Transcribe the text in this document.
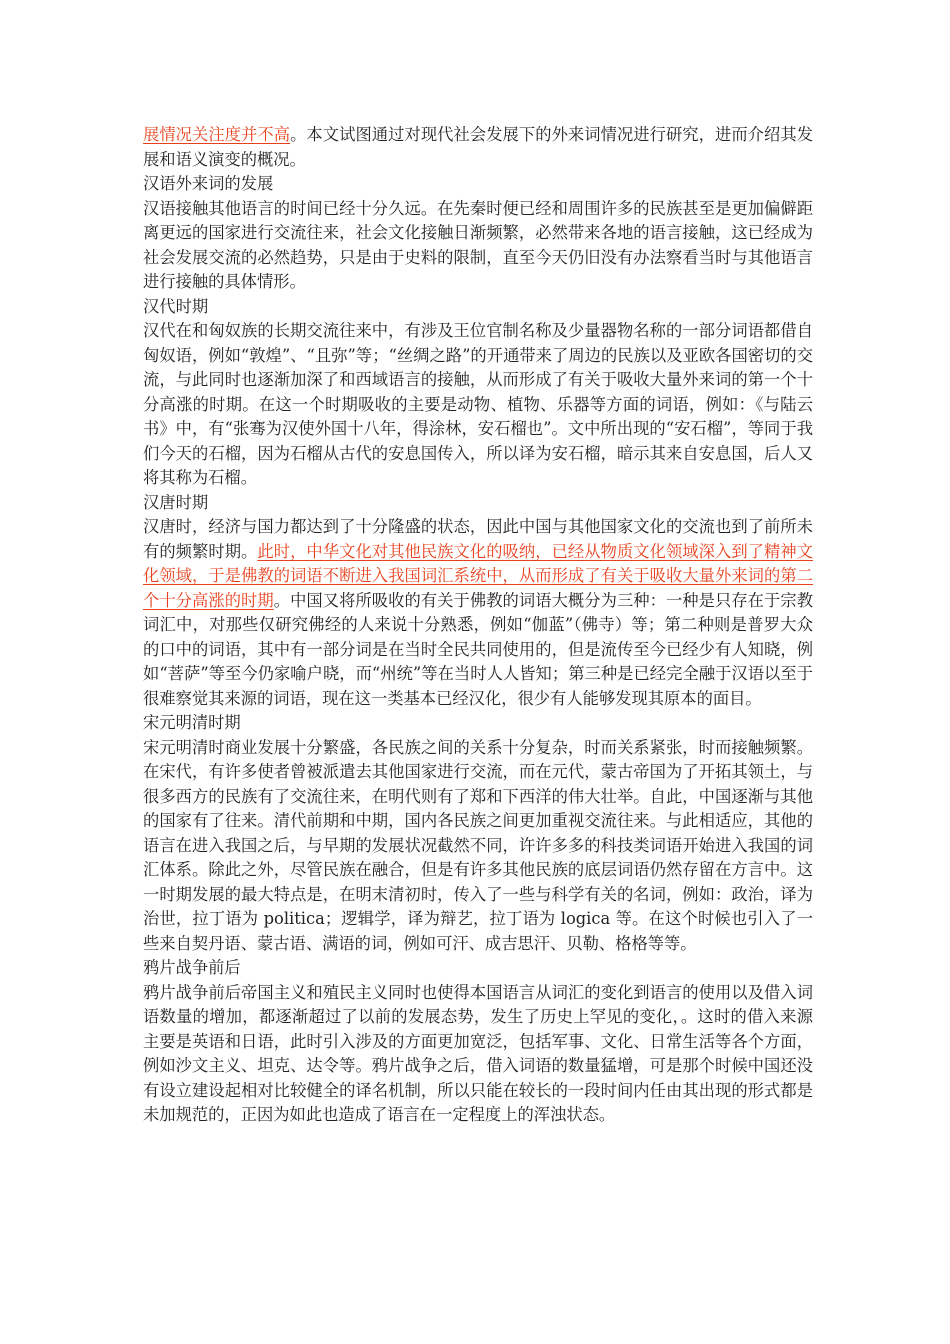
展情况关注度并不高。本文试图通过对现代社会发展下的外来词情况进行研究，进而介绍其发展和语义演变的概况。

汉语外来词的发展

汉语接触其他语言的时间已经十分久远。在先秦时便已经和周围许多的民族甚至是更加偏僻距离更远的国家进行交流往来，社会文化接触日渐频繁，必然带来各地的语言接触，这已经成为社会发展交流的必然趋势，只是由于史料的限制，直至今天仍旧没有办法察看当时与其他语言进行接触的具体情形。

汉代时期

汉代在和匈奴族的长期交流往来中，有涉及王位官制名称及少量器物名称的一部分词语都借自匈奴语，例如“敦煌”、“且弥”等；“丝绸之路”的开通带来了周边的民族以及亚欧各国密切的交流，与此同时也逐渐加深了和西域语言的接触，从而形成了有关于吸收大量外来词的第一个十分高涨的时期。在这一个时期吸收的主要是动物、植物、乐器等方面的词语，例如：《与陆云书》中，有“张骞为汉使外国十八年，得涂林，安石榴也”。文中所出现的“安石榴”，等同于我们今天的石榴，因为石榴从古代的安息国传入，所以译为安石榴，暗示其来自安息国，后人又将其称为石榴。

汉唐时期

汉唐时，经济与国力都达到了十分隆盛的状态，因此中国与其他国家文化的交流也到了前所未有的频繁时期。此时，中华文化对其他民族文化的吸纳，已经从物质文化领域深入到了精神文化领域，于是佛教的词语不断进入我国词汇系统中，从而形成了有关于吸收大量外来词的第二个十分高涨的时期。中国又将所吸收的有关于佛教的词语大概分为三种：一种是只存在于宗教词汇中，对那些仅研究佛经的人来说十分熟悉，例如“伽蓝”（佛寺）等；第二种则是普罗大众的口中的词语，其中有一部分词是在当时全民共同使用的，但是流传至今已经少有人知晓，例如“菩萨”等至今仍家喻户晓，而“州统”等在当时人人皆知；第三种是已经完全融于汉语以至于很难察觉其来源的词语，现在这一类基本已经汉化，很少有人能够发现其原本的面目。

宋元明清时期

宋元明清时商业发展十分繁盛，各民族之间的关系十分复杂，时而关系紧张，时而接触频繁。在宋代，有许多使者曾被派遣去其他国家进行交流，而在元代，蒙古帝国为了开拓其领土，与很多西方的民族有了交流往来，在明代则有了郑和下西洋的伟大壮举。自此，中国逐渐与其他的国家有了往来。清代前期和中期，国内各民族之间更加重视交流往来。与此相适应，其他的语言在进入我国之后，与早期的发展状况截然不同，许许多多的科技类词语开始进入我国的词汇体系。除此之外，尽管民族在融合，但是有许多其他民族的底层词语仍然存留在方言中。这一时期发展的最大特点是，在明末清初时，传入了一些与科学有关的名词，例如：政治，译为治世，拉丁语为 politica；逻辑学，译为辩艺，拉丁语为 logica 等。在这个时候也引入了一些来自契丹语、蒙古语、满语的词，例如可汗、成吉思汗、贝勒、格格等等。

鸦片战争前后

鸦片战争前后帝国主义和殖民主义同时也使得本国语言从词汇的变化到语言的使用以及借入词语数量的增加，都逐渐超过了以前的发展态势，发生了历史上罕见的变化，。这时的借入来源主要是英语和日语，此时引入涉及的方面更加宽泛，包括军事、文化、日常生活等各个方面，例如沙文主义、坦克、达令等。鸦片战争之后，借入词语的数量猛增，可是那个时候中国还没有设立建设起相对比较健全的译名机制，所以只能在较长的一段时间内任由其出现的形式都是未加规范的，正因为如此也造成了语言在一定程度上的浑浊状态。
